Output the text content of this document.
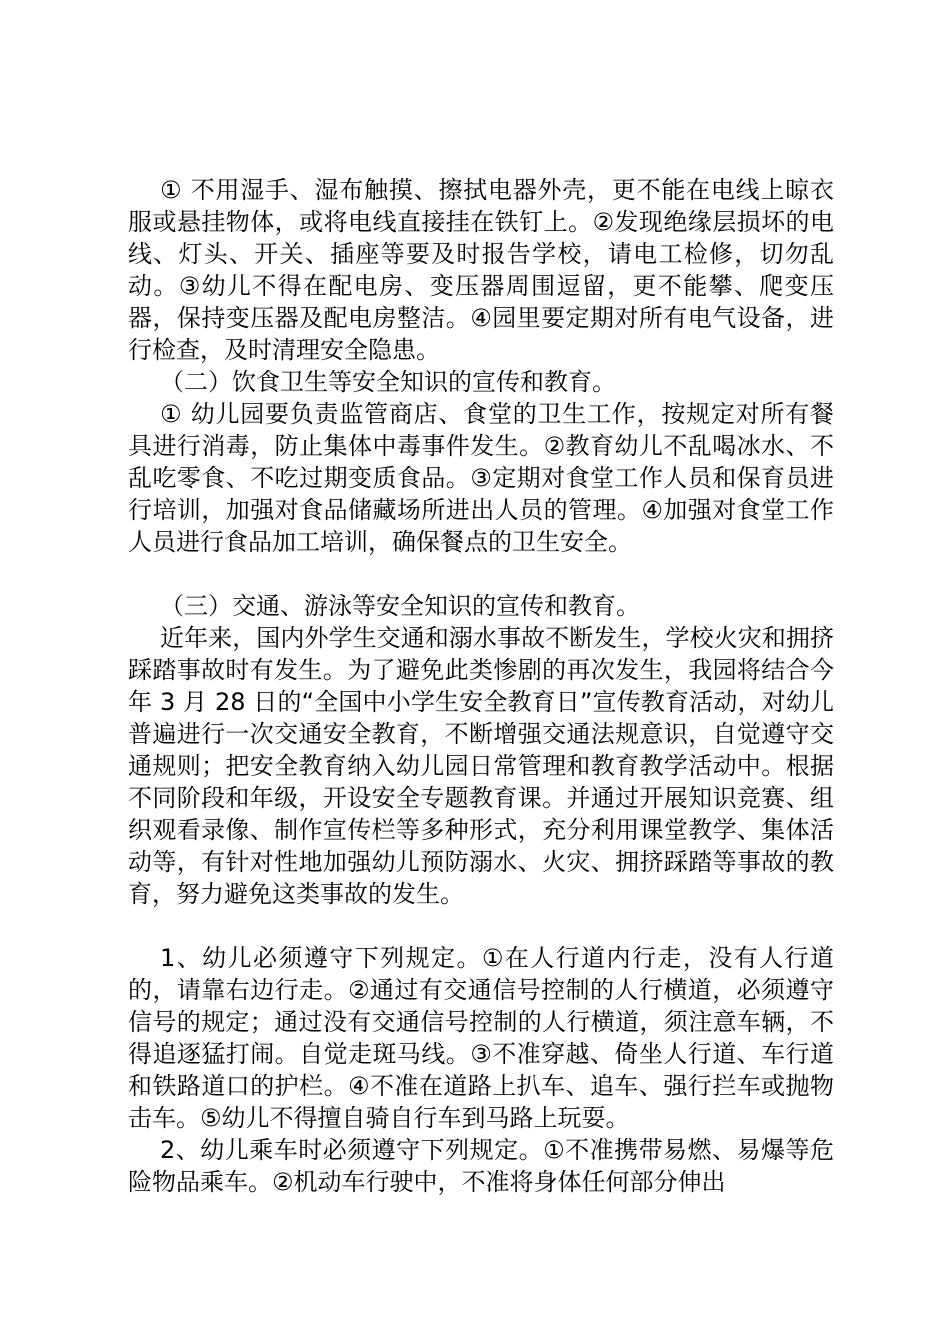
① 不用湿手、湿布触摸、擦拭电器外壳，更不能在电线上晾衣服或悬挂物体，或将电线直接挂在铁钉上。②发现绝缘层损坏的电线、灯头、开关、插座等要及时报告学校，请电工检修，切勿乱动。③幼儿不得在配电房、变压器周围逗留，更不能攀、爬变压器，保持变压器及配电房整洁。④园里要定期对所有电气设备，进行检查，及时清理安全隐患。

（二）饮食卫生等安全知识的宣传和教育。

① 幼儿园要负责监管商店、食堂的卫生工作，按规定对所有餐具进行消毒，防止集体中毒事件发生。②教育幼儿不乱喝冰水、不乱吃零食、不吃过期变质食品。③定期对食堂工作人员和保育员进行培训，加强对食品储藏场所进出人员的管理。④加强对食堂工作人员进行食品加工培训，确保餐点的卫生安全。

（三）交通、游泳等安全知识的宣传和教育。

近年来，国内外学生交通和溺水事故不断发生，学校火灾和拥挤踩踏事故时有发生。为了避免此类惨剧的再次发生，我园将结合今年 3 月 28 日的“全国中小学生安全教育日”宣传教育活动，对幼儿普遍进行一次交通安全教育，不断增强交通法规意识，自觉遵守交通规则；把安全教育纳入幼儿园日常管理和教育教学活动中。根据不同阶段和年级，开设安全专题教育课。并通过开展知识竞赛、组织观看录像、制作宣传栏等多种形式，充分利用课堂教学、集体活动等，有针对性地加强幼儿预防溺水、火灾、拥挤踩踏等事故的教育，努力避免这类事故的发生。

1、幼儿必须遵守下列规定。①在人行道内行走，没有人行道的，请靠右边行走。②通过有交通信号控制的人行横道，必须遵守信号的规定；通过没有交通信号控制的人行横道，须注意车辆，不得追逐猛打闹。自觉走斑马线。③不准穿越、倚坐人行道、车行道和铁路道口的护栏。④不准在道路上扒车、追车、强行拦车或抛物击车。⑤幼儿不得擅自骑自行车到马路上玩耍。

2、幼儿乘车时必须遵守下列规定。①不准携带易燃、易爆等危险物品乘车。②机动车行驶中，不准将身体任何部分伸出
